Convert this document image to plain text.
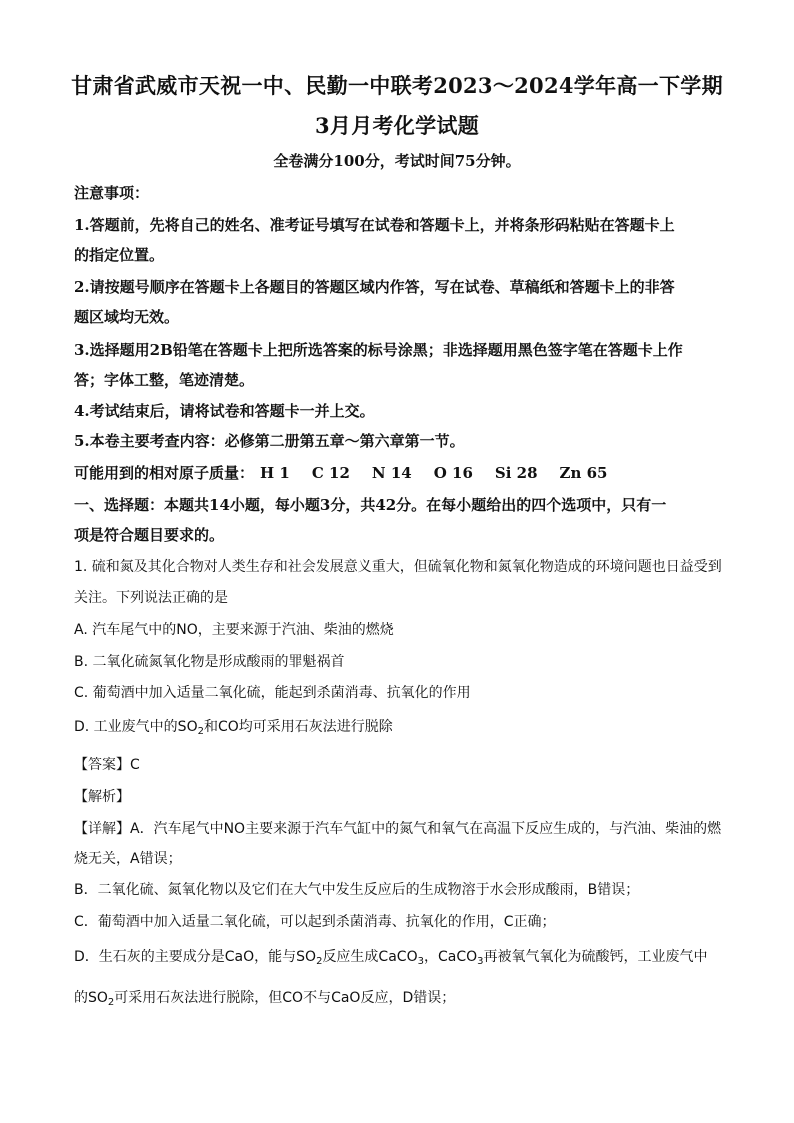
甘肃省武威市天祝一中、民勤一中联考2023～2024学年高一下学期
3月月考化学试题
全卷满分100分，考试时间75分钟。
注意事项：
1.答题前，先将自己的姓名、准考证号填写在试卷和答题卡上，并将条形码粘贴在答题卡上
的指定位置。
2.请按题号顺序在答题卡上各题目的答题区域内作答，写在试卷、草稿纸和答题卡上的非答
题区域均无效。
3.选择题用2B铅笔在答题卡上把所选答案的标号涂黑；非选择题用黑色签字笔在答题卡上作
答；字体工整，笔迹清楚。
4.考试结束后，请将试卷和答题卡一并上交。
5.本卷主要考查内容：必修第二册第五章～第六章第一节。
可能用到的相对原子质量： H 1 C 12 N 14 O 16 Si 28 Zn 65
一、选择题：本题共14小题，每小题3分，共42分。在每小题给出的四个选项中，只有一
项是符合题目要求的。
1. 硫和氮及其化合物对人类生存和社会发展意义重大，但硫氧化物和氮氧化物造成的环境问题也日益受到
关注。下列说法正确的是
A. 汽车尾气中的NO，主要来源于汽油、柴油的燃烧
B. 二氧化硫氮氧化物是形成酸雨的罪魁祸首
C. 葡萄酒中加入适量二氧化硫，能起到杀菌消毒、抗氧化的作用
D. 工业废气中的$SO_2$和CO均可采用石灰法进行脱除
【答案】C
【解析】
【详解】A．汽车尾气中NO主要来源于汽车气缸中的氮气和氧气在高温下反应生成的，与汽油、柴油的燃
烧无关，A错误；
B．二氧化硫、氮氧化物以及它们在大气中发生反应后的生成物溶于水会形成酸雨，B错误；
C．葡萄酒中加入适量二氧化硫，可以起到杀菌消毒、抗氧化的作用，C正确；
D．生石灰的主要成分是CaO，能与$SO_2$反应生成CaCO$_3$，CaCO$_3$再被氧气氧化为硫酸钙，工业废气中
的$SO_2$可采用石灰法进行脱除，但CO不与CaO反应，D错误；
